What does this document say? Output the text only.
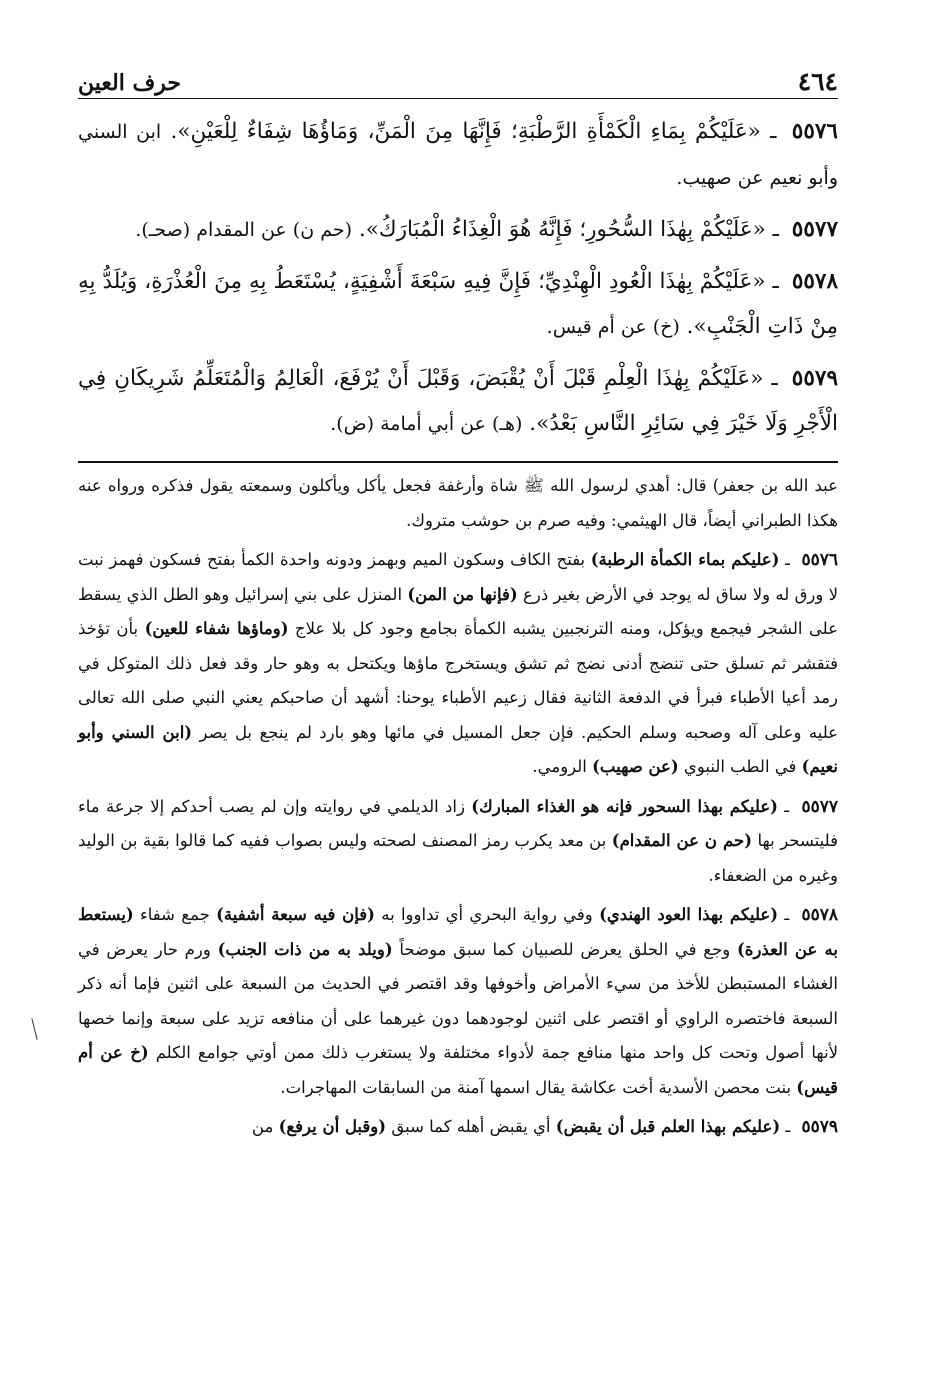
٤٦٤
حرف العين

٥٥٧٦ ـ «عَلَيْكُمْ بِمَاءِ الْكَمْأَةِ الرَّطْبَةِ؛ فَإِنَّهَا مِنَ الْمَنِّ، وَمَاؤُهَا شِفَاءٌ لِلْعَيْنِ». ابن السني وأبو نعيم عن صهيب.

٥٥٧٧ ـ «عَلَيْكُمْ بِهٰذَا السُّحُورِ؛ فَإِنَّهُ هُوَ الْغِذَاءُ الْمُبَارَكُ». (حم ن) عن المقدام (صحـ).

٥٥٧٨ ـ «عَلَيْكُمْ بِهٰذَا الْعُودِ الْهِنْدِيِّ؛ فَإِنَّ فِيهِ سَبْعَةَ أَشْفِيَةٍ، يُسْتَعَطُ بِهِ مِنَ الْعُذْرَةِ، وَيُلَدُّ بِهِ مِنْ ذَاتِ الْجَنْبِ». (خ) عن أم قيس.

٥٥٧٩ ـ «عَلَيْكُمْ بِهٰذَا الْعِلْمِ قَبْلَ أَنْ يُقْبَضَ، وَقَبْلَ أَنْ يُرْفَعَ، الْعَالِمُ وَالْمُتَعَلِّمُ شَرِيكَانِ فِي الْأَجْرِ وَلَا خَيْرَ فِي سَائِرِ النَّاسِ بَعْدُ». (هـ) عن أبي أمامة (ض).

عبد الله بن جعفر) قال: أهدي لرسول الله ﷺ شاة وأرغفة فجعل يأكل ويأكلون وسمعته يقول فذكره ورواه عنه هكذا الطبراني أيضاً، قال الهيثمي: وفيه صرم بن حوشب متروك.

٥٥٧٦ ـ (عليكم بماء الكمأة الرطبة) بفتح الكاف وسكون الميم وبهمز ودونه واحدة الكمأ بفتح فسكون فهمز نبت لا ورق له ولا ساق له يوجد في الأرض بغير ذرع (فإنها من المن) المنزل على بني إسرائيل وهو الطل الذي يسقط على الشجر فيجمع ويؤكل، ومنه الترنجبين يشبه الكمأة بجامع وجود كل بلا علاج (وماؤها شفاء للعين) بأن تؤخذ فتقشر ثم تسلق حتى تنضج أدنى نضج ثم تشق ويستخرج ماؤها ويكتحل به وهو حار وقد فعل ذلك المتوكل في رمد أعيا الأطباء فبرأ في الدفعة الثانية فقال زعيم الأطباء يوحنا: أشهد أن صاحبكم يعني النبي صلى الله تعالى عليه وعلى آله وصحبه وسلم الحكيم. فإن جعل المسيل في مائها وهو بارد لم ينجع بل يصر (ابن السني وأبو نعيم) في الطب النبوي (عن صهيب) الرومي.

٥٥٧٧ ـ (عليكم بهذا السحور فإنه هو الغذاء المبارك) زاد الديلمي في روايته وإن لم يصب أحدكم إلا جرعة ماء فليتسحر بها (حم ن عن المقدام) بن معد يكرب رمز المصنف لصحته وليس بصواب ففيه كما قالوا بقية بن الوليد وغيره من الضعفاء.

٥٥٧٨ ـ (عليكم بهذا العود الهندي) وفي رواية البحري أي تداووا به (فإن فيه سبعة أشفية) جمع شفاء (يستعط به عن العذرة) وجع في الحلق يعرض للصبيان كما سبق موضحاً (ويلد به من ذات الجنب) ورم حار يعرض في الغشاء المستبطن للأخذ من سيء الأمراض وأخوفها وقد اقتصر في الحديث من السبعة على اثنين فإما أنه ذكر السبعة فاختصره الراوي أو اقتصر على اثنين لوجودهما دون غيرهما على أن منافعه تزيد على سبعة وإنما خصها لأنها أصول وتحت كل واحد منها منافع جمة لأدواء مختلفة ولا يستغرب ذلك ممن أوتي جوامع الكلم (خ عن أم قيس) بنت محصن الأسدية أخت عكاشة يقال اسمها آمنة من السابقات المهاجرات.

٥٥٧٩ ـ (عليكم بهذا العلم قبل أن يقبض) أي يقبض أهله كما سبق (وقبل أن يرفع) من
